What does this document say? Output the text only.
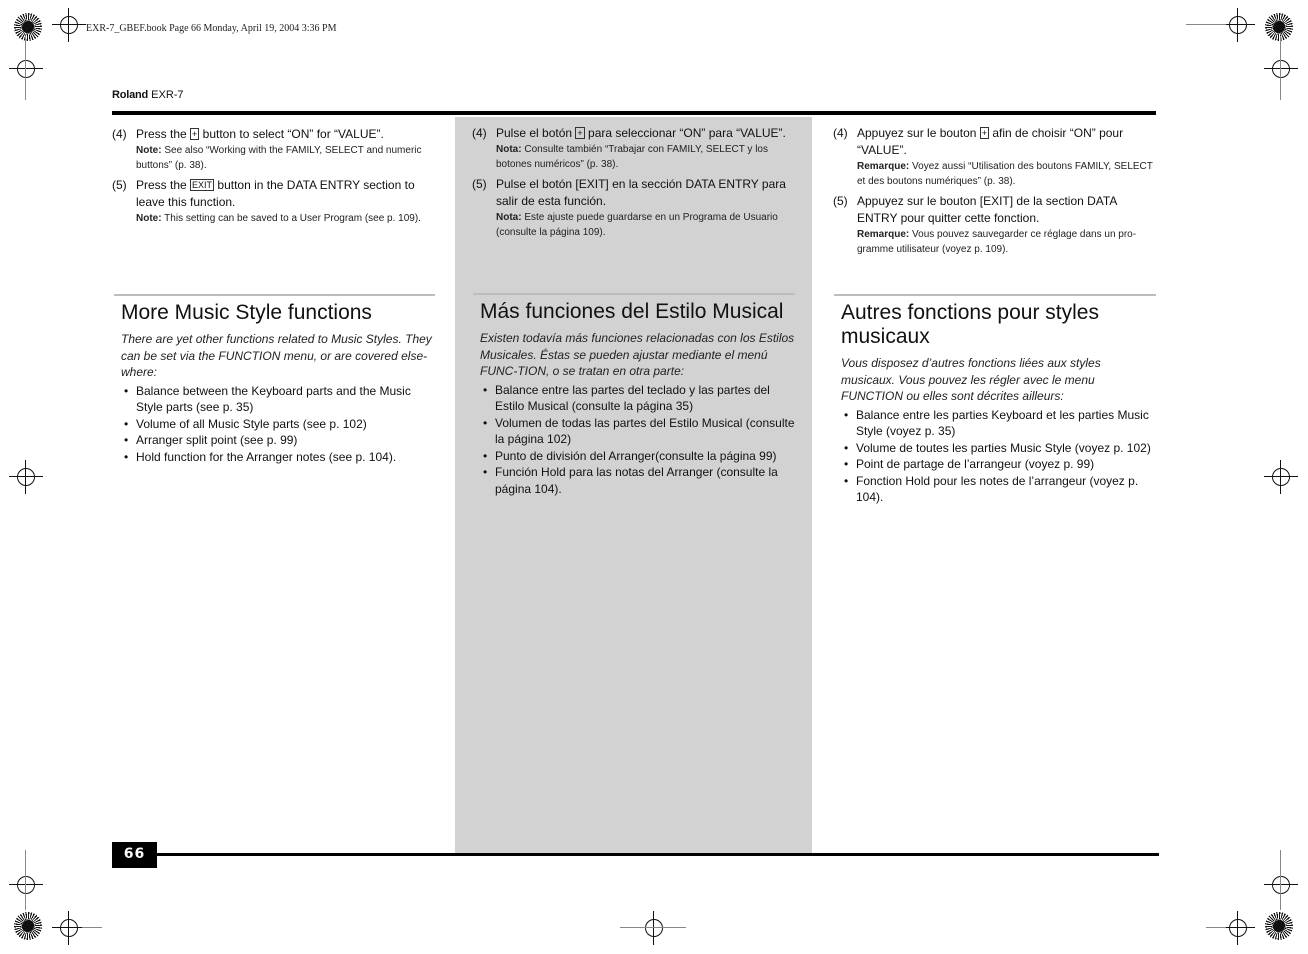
EXR-7_GBEF.book Page 66 Monday, April 19, 2004 3:36 PM
Roland EXR-7
(4) Press the + button to select “ON” for “VALUE”.
Note: See also “Working with the FAMILY, SELECT and numeric buttons” (p. 38).
(5) Press the EXIT button in the DATA ENTRY section to leave this function.
Note: This setting can be saved to a User Program (see p. 109).
(4) Pulse el botón + para seleccionar “ON” para “VALUE”.
Nota: Consulte también “Trabajar con FAMILY, SELECT y los botones numéricos” (p. 38).
(5) Pulse el botón [EXIT] en la sección DATA ENTRY para salir de esta función.
Nota: Este ajuste puede guardarse en un Programa de Usuario (consulte la página 109).
(4) Appuyez sur le bouton + afin de choisir “ON” pour “VALUE”.
Remarque: Voyez aussi “Utilisation des boutons FAMILY, SELECT et des boutons numériques” (p. 38).
(5) Appuyez sur le bouton [EXIT] de la section DATA ENTRY pour quitter cette fonction.
Remarque: Vous pouvez sauvegarder ce réglage dans un pro-gramme utilisateur (voyez p. 109).
More Music Style functions

There are yet other functions related to Music Styles. They can be set via the FUNCTION menu, or are covered else-where:

• Balance between the Keyboard parts and the Music Style parts (see p. 35)
• Volume of all Music Style parts (see p. 102)
• Arranger split point (see p. 99)
• Hold function for the Arranger notes (see p. 104).
Más funciones del Estilo Musical

Existen todavía más funciones relacionadas con los Estilos Musicales. Éstas se pueden ajustar mediante el menú FUNC-TION, o se tratan en otra parte:

• Balance entre las partes del teclado y las partes del Estilo Musical (consulte la página 35)
• Volumen de todas las partes del Estilo Musical (consulte la página 102)
• Punto de división del Arranger(consulte la página 99)
• Función Hold para las notas del Arranger (consulte la página 104).
Autres fonctions pour styles musicaux

Vous disposez d’autres fonctions liées aux styles musicaux. Vous pouvez les régler avec le menu FUNCTION ou elles sont décrites ailleurs:

• Balance entre les parties Keyboard et les parties Music Style (voyez p. 35)
• Volume de toutes les parties Music Style (voyez p. 102)
• Point de partage de l’arrangeur (voyez p. 99)
• Fonction Hold pour les notes de l’arrangeur (voyez p. 104).
66
